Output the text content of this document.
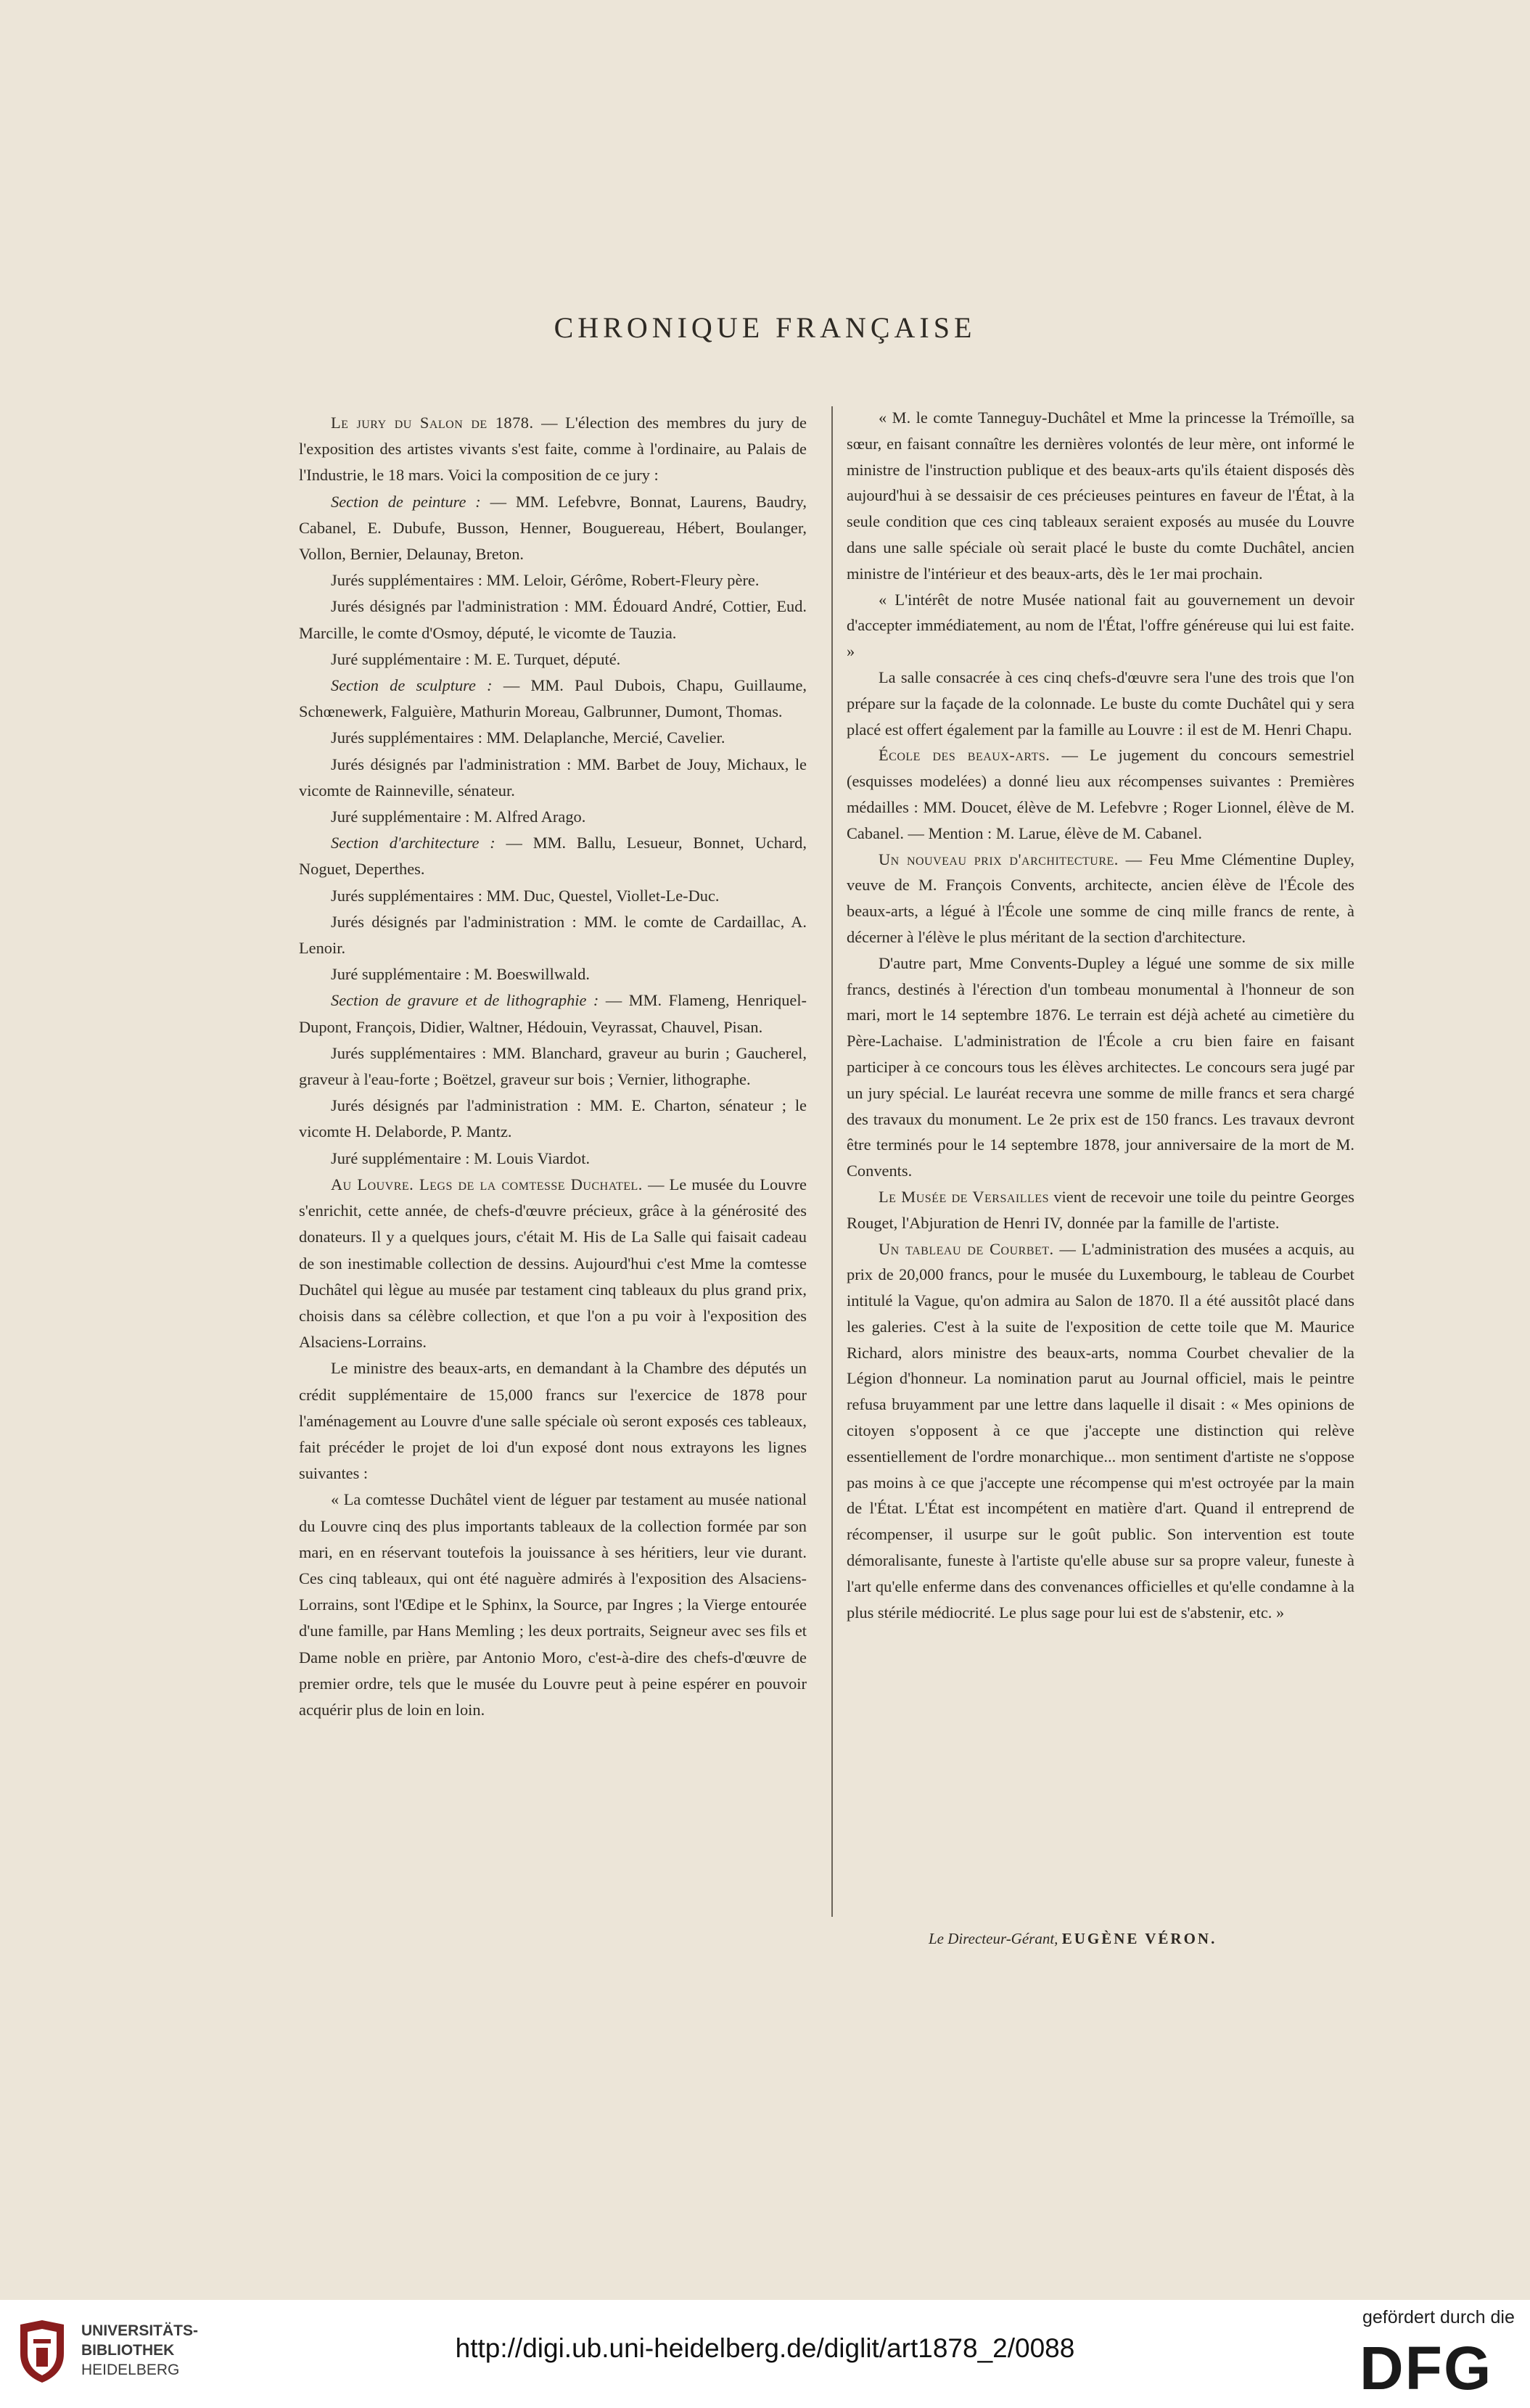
CHRONIQUE FRANÇAISE

Le jury du Salon de 1878. — L'élection des membres du jury de l'exposition des artistes vivants s'est faite, comme à l'ordinaire, au Palais de l'Industrie, le 18 mars. Voici la composition de ce jury :

Section de peinture : — MM. Lefebvre, Bonnat, Laurens, Baudry, Cabanel, E. Dubufe, Busson, Henner, Bouguereau, Hébert, Boulanger, Vollon, Bernier, Delaunay, Breton.

Jurés supplémentaires : MM. Leloir, Gérôme, Robert-Fleury père.

Jurés désignés par l'administration : MM. Édouard André, Cottier, Eud. Marcille, le comte d'Osmoy, député, le vicomte de Tauzia.

Juré supplémentaire : M. E. Turquet, député.

Section de sculpture : — MM. Paul Dubois, Chapu, Guillaume, Schœnewerk, Falguière, Mathurin Moreau, Galbrunner, Dumont, Thomas.

Jurés supplémentaires : MM. Delaplanche, Mercié, Cavelier.

Jurés désignés par l'administration : MM. Barbet de Jouy, Michaux, le vicomte de Rainneville, sénateur.

Juré supplémentaire : M. Alfred Arago.

Section d'architecture : — MM. Ballu, Lesueur, Bonnet, Uchard, Noguet, Deperthes.

Jurés supplémentaires : MM. Duc, Questel, Viollet-Le-Duc.

Jurés désignés par l'administration : MM. le comte de Cardaillac, A. Lenoir.

Juré supplémentaire : M. Boeswillwald.

Section de gravure et de lithographie : — MM. Flameng, Henriquel-Dupont, François, Didier, Waltner, Hédouin, Veyrassat, Chauvel, Pisan.

Jurés supplémentaires : MM. Blanchard, graveur au burin ; Gaucherel, graveur à l'eau-forte ; Boëtzel, graveur sur bois ; Vernier, lithographe.

Jurés désignés par l'administration : MM. E. Charton, sénateur ; le vicomte H. Delaborde, P. Mantz.

Juré supplémentaire : M. Louis Viardot.

Au Louvre. Legs de la comtesse Duchatel. — Le musée du Louvre s'enrichit, cette année, de chefs-d'œuvre précieux, grâce à la générosité des donateurs. Il y a quelques jours, c'était M. His de La Salle qui faisait cadeau de son inestimable collection de dessins. Aujourd'hui c'est Mme la comtesse Duchâtel qui lègue au musée par testament cinq tableaux du plus grand prix, choisis dans sa célèbre collection, et que l'on a pu voir à l'exposition des Alsaciens-Lorrains.

Le ministre des beaux-arts, en demandant à la Chambre des députés un crédit supplémentaire de 15,000 francs sur l'exercice de 1878 pour l'aménagement au Louvre d'une salle spéciale où seront exposés ces tableaux, fait précéder le projet de loi d'un exposé dont nous extrayons les lignes suivantes :

« La comtesse Duchâtel vient de léguer par testament au musée national du Louvre cinq des plus importants tableaux de la collection formée par son mari, en en réservant toutefois la jouissance à ses héritiers, leur vie durant. Ces cinq tableaux, qui ont été naguère admirés à l'exposition des Alsaciens-Lorrains, sont l'Œdipe et le Sphinx, la Source, par Ingres ; la Vierge entourée d'une famille, par Hans Memling ; les deux portraits, Seigneur avec ses fils et Dame noble en prière, par Antonio Moro, c'est-à-dire des chefs-d'œuvre de premier ordre, tels que le musée du Louvre peut à peine espérer en pouvoir acquérir plus de loin en loin.

« M. le comte Tanneguy-Duchâtel et Mme la princesse la Trémoïlle, sa sœur, en faisant connaître les dernières volontés de leur mère, ont informé le ministre de l'instruction publique et des beaux-arts qu'ils étaient disposés dès aujourd'hui à se dessaisir de ces précieuses peintures en faveur de l'État, à la seule condition que ces cinq tableaux seraient exposés au musée du Louvre dans une salle spéciale où serait placé le buste du comte Duchâtel, ancien ministre de l'intérieur et des beaux-arts, dès le 1er mai prochain.

« L'intérêt de notre Musée national fait au gouvernement un devoir d'accepter immédiatement, au nom de l'État, l'offre généreuse qui lui est faite. »

La salle consacrée à ces cinq chefs-d'œuvre sera l'une des trois que l'on prépare sur la façade de la colonnade. Le buste du comte Duchâtel qui y sera placé est offert également par la famille au Louvre : il est de M. Henri Chapu.

École des beaux-arts. — Le jugement du concours semestriel (esquisses modelées) a donné lieu aux récompenses suivantes : Premières médailles : MM. Doucet, élève de M. Lefebvre ; Roger Lionnel, élève de M. Cabanel. — Mention : M. Larue, élève de M. Cabanel.

Un nouveau prix d'architecture. — Feu Mme Clémentine Dupley, veuve de M. François Convents, architecte, ancien élève de l'École des beaux-arts, a légué à l'École une somme de cinq mille francs de rente, à décerner à l'élève le plus méritant de la section d'architecture.

D'autre part, Mme Convents-Dupley a légué une somme de six mille francs, destinés à l'érection d'un tombeau monumental à l'honneur de son mari, mort le 14 septembre 1876. Le terrain est déjà acheté au cimetière du Père-Lachaise. L'administration de l'École a cru bien faire en faisant participer à ce concours tous les élèves architectes. Le concours sera jugé par un jury spécial. Le lauréat recevra une somme de mille francs et sera chargé des travaux du monument. Le 2e prix est de 150 francs. Les travaux devront être terminés pour le 14 septembre 1878, jour anniversaire de la mort de M. Convents.

Le Musée de Versailles vient de recevoir une toile du peintre Georges Rouget, l'Abjuration de Henri IV, donnée par la famille de l'artiste.

Un tableau de Courbet. — L'administration des musées a acquis, au prix de 20,000 francs, pour le musée du Luxembourg, le tableau de Courbet intitulé la Vague, qu'on admira au Salon de 1870. Il a été aussitôt placé dans les galeries. C'est à la suite de l'exposition de cette toile que M. Maurice Richard, alors ministre des beaux-arts, nomma Courbet chevalier de la Légion d'honneur. La nomination parut au Journal officiel, mais le peintre refusa bruyamment par une lettre dans laquelle il disait : « Mes opinions de citoyen s'opposent à ce que j'accepte une distinction qui relève essentiellement de l'ordre monarchique... mon sentiment d'artiste ne s'oppose pas moins à ce que j'accepte une récompense qui m'est octroyée par la main de l'État. L'État est incompétent en matière d'art. Quand il entreprend de récompenser, il usurpe sur le goût public. Son intervention est toute démoralisante, funeste à l'artiste qu'elle abuse sur sa propre valeur, funeste à l'art qu'elle enferme dans des convenances officielles et qu'elle condamne à la plus stérile médiocrité. Le plus sage pour lui est de s'abstenir, etc. »

Le Directeur-Gérant, EUGÈNE VÉRON.
UNIVERSITÄTS-
BIBLIOTHEK
HEIDELBERG
http://digi.ub.uni-heidelberg.de/diglit/art1878_2/0088
gefördert durch die
DFG
